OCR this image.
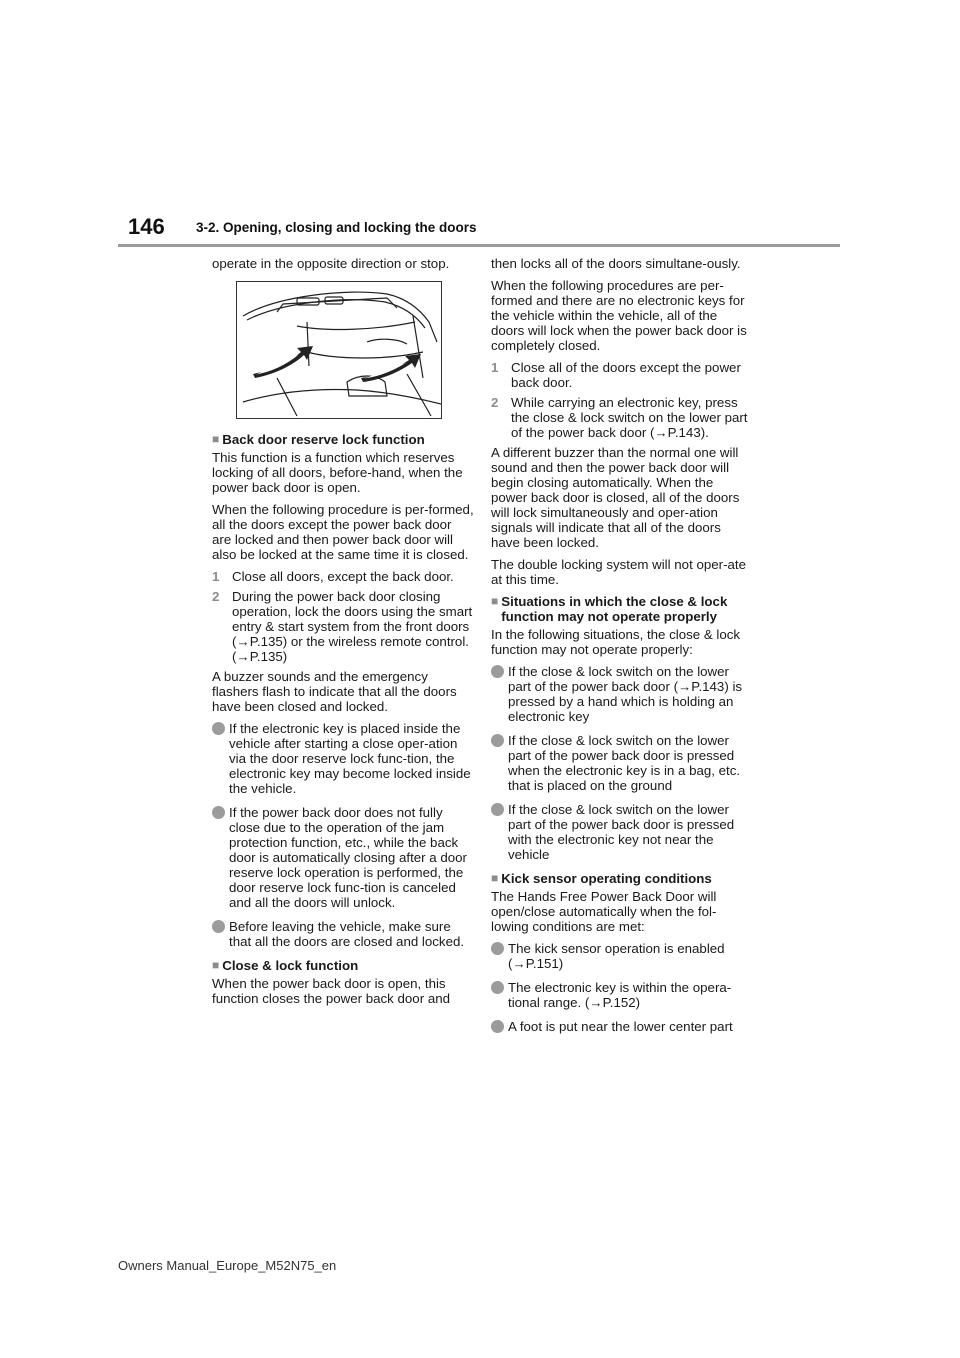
146 3-2. Opening, closing and locking the doors

operate in the opposite direction or stop.

■ Back door reserve lock function

This function is a function which reserves locking of all doors, before-hand, when the power back door is open.

When the following procedure is per-formed, all the doors except the power back door are locked and then power back door will also be locked at the same time it is closed.

1 Close all doors, except the back door.
2 During the power back door closing operation, lock the doors using the smart entry & start system from the front doors (→P.135) or the wireless remote control. (→P.135)

A buzzer sounds and the emergency flashers flash to indicate that all the doors have been closed and locked.

If the electronic key is placed inside the vehicle after starting a close oper-ation via the door reserve lock func-tion, the electronic key may become locked inside the vehicle.
If the power back door does not fully close due to the operation of the jam protection function, etc., while the back door is automatically closing after a door reserve lock operation is performed, the door reserve lock func-tion is canceled and all the doors will unlock.
Before leaving the vehicle, make sure that all the doors are closed and locked.
■ Close & lock function

When the power back door is open, this function closes the power back door and

then locks all of the doors simultane-ously.

When the following procedures are per-formed and there are no electronic keys for the vehicle within the vehicle, all of the doors will lock when the power back door is completely closed.

1 Close all of the doors except the power back door.
2 While carrying an electronic key, press the close & lock switch on the lower part of the power back door (→P.143).

A different buzzer than the normal one will sound and then the power back door will begin closing automatically. When the power back door is closed, all of the doors will lock simultaneously and oper-ation signals will indicate that all of the doors have been locked.

The double locking system will not oper-ate at this time.

■ Situations in which the close & lock function may not operate properly

In the following situations, the close & lock function may not operate properly:

If the close & lock switch on the lower part of the power back door (→P.143) is pressed by a hand which is holding an electronic key
If the close & lock switch on the lower part of the power back door is pressed when the electronic key is in a bag, etc. that is placed on the ground
If the close & lock switch on the lower part of the power back door is pressed with the electronic key not near the vehicle
■ Kick sensor operating conditions

The Hands Free Power Back Door will open/close automatically when the fol-lowing conditions are met:

The kick sensor operation is enabled (→P.151)
The electronic key is within the opera-tional range. (→P.152)
A foot is put near the lower center part
Owners Manual_Europe_M52N75_en
